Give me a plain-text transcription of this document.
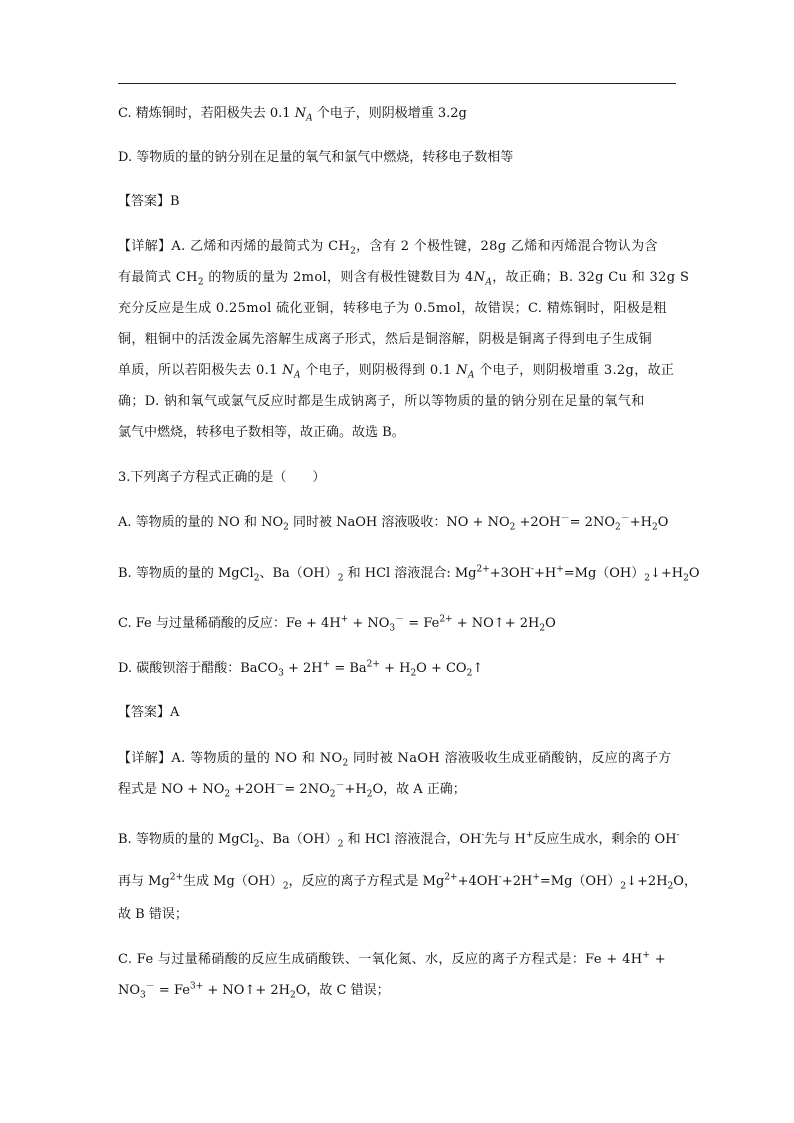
C. 精炼铜时，若阳极失去 0.1 $N_A$ 个电子，则阴极增重 3.2g
D. 等物质的量的钠分别在足量的氧气和氯气中燃烧，转移电子数相等
【答案】B
【详解】A. 乙烯和丙烯的最简式为 $CH_2$，含有 2 个极性键，28g 乙烯和丙烯混合物认为含
有最简式 $CH_2$ 的物质的量为 2mol，则含有极性键数目为 $4N_A$，故正确；B. 32g Cu 和 32g S
充分反应是生成 0.25mol 硫化亚铜，转移电子为 0.5mol，故错误；C. 精炼铜时，阳极是粗
铜，粗铜中的活泼金属先溶解生成离子形式，然后是铜溶解，阴极是铜离子得到电子生成铜
单质，所以若阳极失去 0.1 $N_A$ 个电子，则阴极得到 0.1 $N_A$ 个电子，则阴极增重 3.2g，故正
确；D. 钠和氧气或氯气反应时都是生成钠离子，所以等物质的量的钠分别在足量的氧气和
氯气中燃烧，转移电子数相等，故正确。故选 B。
3.下列离子方程式正确的是（　　）
A. 等物质的量的 NO 和 $NO_2$ 同时被 NaOH 溶液吸收：NO + $NO_2 +2OH^-= 2NO_2^-+H_2O$
B. 等物质的量的 MgCl$_2$、$Ba(OH)_2$ 和 HCl 溶液混合: $Mg^{2+}+3OH^-+H^+=Mg(OH)_2↓+H_2O$
C. Fe 与过量稀硝酸的反应：$Fe + 4H^+ + NO_3^- = Fe^{2+}$ + NO↑+ $2H_2O$
D. 碳酸钡溶于醋酸：BaCO$_3$ + $2H^+ = Ba^{2+} + H_2O$ + $CO_2↑$
【答案】A
【详解】A. 等物质的量的 NO 和 $NO_2$ 同时被 NaOH 溶液吸收生成亚硝酸钠，反应的离子方
程式是 NO + $NO_2 +2OH^-= 2NO_2^-+H_2O$，故 A 正确；
B. 等物质的量的 MgCl$_2$、$Ba(OH)_2$ 和 HCl 溶液混合，OH-先与 H+反应生成水，剩余的 OH-
再与 $Mg^{2+}$生成 $Mg(OH)_2$，反应的离子方程式是 $Mg^{2+}+4OH^-+2H^+=Mg(OH)_2↓+2H_2O$，
故 B 错误；
C. Fe 与过量稀硝酸的反应生成硝酸铁、一氧化氮、水，反应的离子方程式是：Fe + 4H+ +
$NO_3^- = Fe^{3+}$ + NO↑+ $2H_2O$，故 C 错误；
